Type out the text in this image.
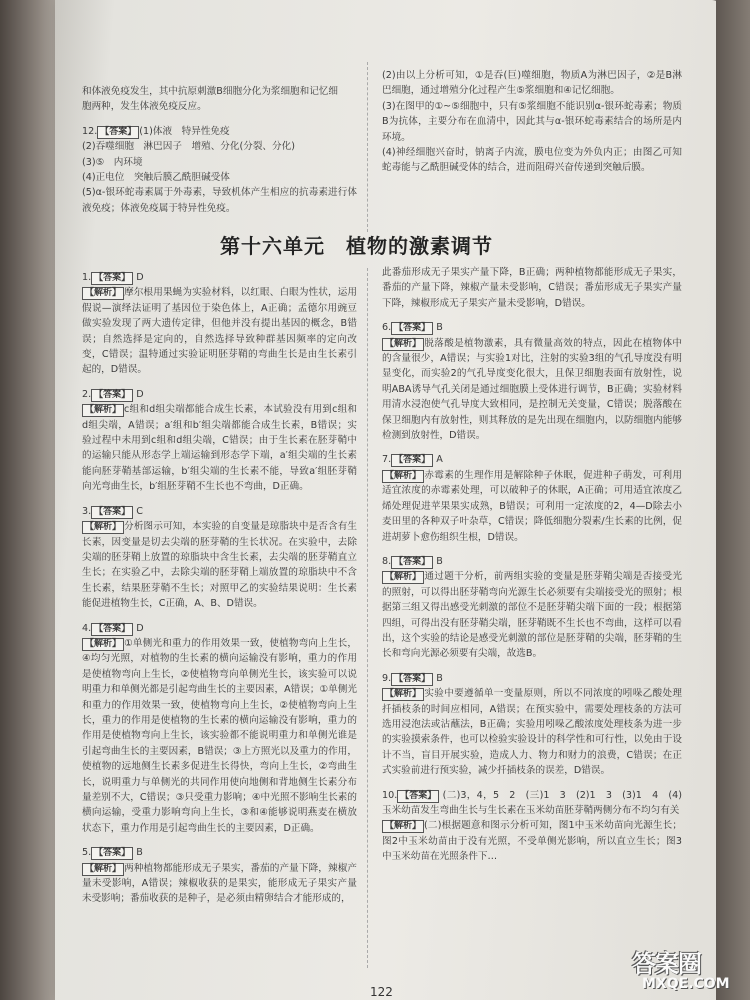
和体液免疫发生，其中抗原刺激B细胞分化为浆细胞和记忆细

胞两种，发生体液免疫反应。

12. 【答案】 (1)体液　特异性免疫

(2)吞噬细胞　淋巴因子　增殖、分化(分裂、分化)

(3)⑤　内环境

(4)正电位　突触后膜乙酰胆碱受体

(5)α-银环蛇毒素属于外毒素，导致机体产生相应的抗毒素进行体液免疫；体液免疫属于特异性免疫。

(2)由以上分析可知，①是吞(巨)噬细胞，物质A为淋巴因子，②是B淋巴细胞，通过增殖分化过程产生⑤浆细胞和④记忆细胞。

(3)在图甲的①~⑤细胞中，只有⑤浆细胞不能识别α-银环蛇毒素；物质B为抗体，主要分布在血清中，因此其与α-银环蛇毒素结合的场所是内环境。

(4)神经细胞兴奋时，钠离子内流，膜电位变为外负内正；由图乙可知蛇毒能与乙酰胆碱受体的结合，进而阻碍兴奋传递到突触后膜。

第十六单元　植物的激素调节

1. 【答案】 D

【解析】 摩尔根用果蝇为实验材料，以红眼、白眼为性状，运用假说—演绎法证明了基因位于染色体上，A正确；孟德尔用豌豆做实验发现了两大遗传定律，但他并没有提出基因的概念，B错误；自然选择是定向的，自然选择导致种群基因频率的定向改变，C错误；温特通过实验证明胚芽鞘的弯曲生长是由生长素引起的，D错误。

2. 【答案】 D

【解析】 c组和d组尖端都能合成生长素，本试验没有用到c组和d组尖端，A错误；a′组和b′组尖端都能合成生长素，B错误；实验过程中未用到c组和d组尖端，C错误；由于生长素在胚芽鞘中的运输只能从形态学上端运输到形态学下端，a′组尖端的生长素能向胚芽鞘基部运输，b′组尖端的生长素不能，导致a′组胚芽鞘向光弯曲生长，b′组胚芽鞘不生长也不弯曲，D正确。

3. 【答案】 C

【解析】 分析图示可知，本实验的自变量是琼脂块中是否含有生长素，因变量是切去尖端的胚芽鞘的生长状况。在实验中，去除尖端的胚芽鞘上放置的琼脂块中含生长素，去尖端的胚芽鞘直立生长；在实验乙中，去除尖端的胚芽鞘上端放置的琼脂块中不含生长素，结果胚芽鞘不生长；对照甲乙的实验结果说明：生长素能促进植物生长，C正确，A、B、D错误。

4. 【答案】 D

【解析】 ①单侧光和重力的作用效果一致，使植物弯向上生长，④均匀光照，对植物的生长素的横向运输没有影响，重力的作用是使植物弯向上生长，②使植物弯向单侧光生长，该实验可以说明重力和单侧光都是引起弯曲生长的主要因素，A错误；①单侧光和重力的作用效果一致，使植物弯向上生长，②使植物弯向上生长，重力的作用是使植物的生长素的横向运输没有影响，重力的作用是使植物弯向上生长，该实验都不能说明重力和单侧光谁是引起弯曲生长的主要因素，B错误；③上方照光以及重力的作用，使植物的远地侧生长素多促进生长得快，弯向上生长，②弯曲生长，说明重力与单侧光的共同作用使向地侧和背地侧生长素分布量差别不大，C错误；③只受重力影响；④中光照不影响生长素的横向运输，受重力影响弯向上生长，③和④能够说明燕麦在横放状态下，重力作用是引起弯曲生长的主要因素，D正确。

5. 【答案】 B

【解析】 两种植物都能形成无子果实，番茄的产量下降，辣椒产量未受影响，A错误；辣椒收获的是果实，能形成无子果实产量未受影响；番茄收获的是种子，是必须由精卵结合才能形成的，

此番茄形成无子果实产量下降，B正确；两种植物都能形成无子果实，番茄的产量下降，辣椒产量未受影响，C错误；番茄形成无子果实产量下降，辣椒形成无子果实产量未受影响，D错误。

6. 【答案】 B

【解析】 脱落酸是植物激素，具有微量高效的特点，因此在植物体中的含量很少，A错误；与实验1对比，注射的实验3组的气孔导度没有明显变化，而实验2的气孔导度变化很大，且保卫细胞表面有放射性，说明ABA诱导气孔关闭是通过细胞膜上受体进行调节，B正确；实验材料用清水浸泡使气孔导度大致相同，是控制无关变量，C错误；脱落酸在保卫细胞内有放射性，则其释放的是先出现在细胞内，以防细胞内能够检测到放射性，D错误。

7. 【答案】 A

【解析】 赤霉素的生理作用是解除种子休眠，促进种子萌发，可利用适宜浓度的赤霉素处理，可以破种子的休眠，A正确；可用适宜浓度乙烯处理促进苹果果实成熟，B错误；可利用一定浓度的2，4—D除去小麦田里的各种双子叶杂草，C错误；降低细胞分裂素/生长素的比例，促进胡萝卜愈伤组织生根，D错误。

8. 【答案】 B

【解析】 通过题干分析，前两组实验的变量是胚芽鞘尖端是否接受光的照射，可以得出胚芽鞘弯向光源生长必须要有尖端接受光的照射；根据第三组又得出感受光刺激的部位不是胚芽鞘尖端下面的一段；根据第四组，可得出没有胚芽鞘尖端，胚芽鞘既不生长也不弯曲，这样可以看出，这个实验的结论是感受光刺激的部位是胚芽鞘的尖端，胚芽鞘的生长和弯向光源必须要有尖端，故选B。

9. 【答案】 B

【解析】 实验中要遵循单一变量原则，所以不同浓度的吲哚乙酸处理扦插枝条的时间应相同，A错误；在预实验中，需要处理枝条的方法可选用浸泡法或沾蘸法，B正确；实验用吲哚乙酸浓度处理枝条为进一步的实验摸索条件，也可以检验实验设计的科学性和可行性，以免由于设计不当，盲目开展实验，造成人力、物力和财力的浪费，C错误；在正式实验前进行预实验，减少扦插枝条的误差，D错误。

10. 【答案】 (二)3，4，5　2　(三)1　3　(2)1　3　(3)1　4　(4)玉米幼苗发生弯曲生长与生长素在玉米幼苗胚芽鞘两侧分布不均匀有关

【解析】 (二)根据题意和图示分析可知，图1中玉米幼苗向光源生长；图2中玉米幼苗由于没有光照，不受单侧光影响，所以直立生长；图3中玉米幼苗在光照条件下…

122
答案圈
MXQE.COM
